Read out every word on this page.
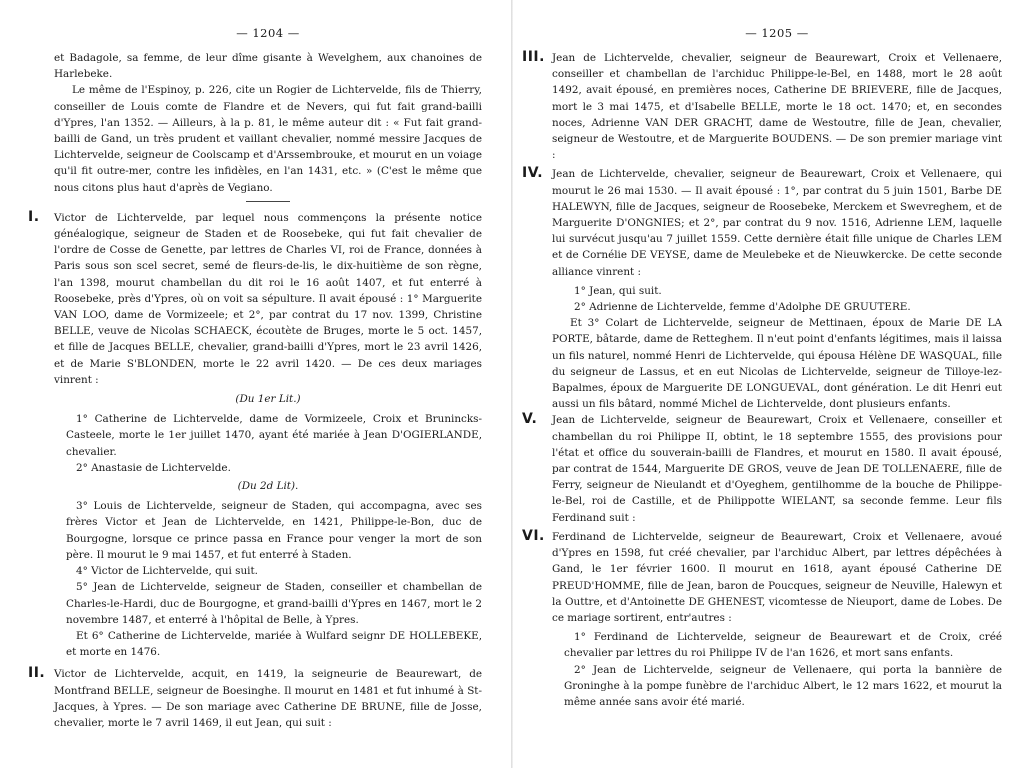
— 1204 —

et Badagole, sa femme, de leur dîme gisante à Wevelghem, aux chanoines de Harlebeke.

Le même de l'Espinoy, p. 226, cite un Rogier de Lichtervelde, fils de Thierry, conseiller de Louis comte de Flandre et de Nevers, qui fut fait grand-bailli d'Ypres, l'an 1352. — Ailleurs, à la p. 81, le même auteur dit : « Fut fait grand-bailli de Gand, un très prudent et vaillant chevalier, nommé messire Jacques de Lichtervelde, seigneur de Coolscamp et d'Arssembrouke, et mourut en un voiage qu'il fit outre-mer, contre les infidèles, en l'an 1431, etc. » (C'est le même que nous citons plus haut d'après de Vegiano.

I. Victor de Lichtervelde, par lequel nous commençons la présente notice généalogique, seigneur de Staden et de Roosebeke, qui fut fait chevalier de l'ordre de Cosse de Genette, par lettres de Charles VI, roi de France, données à Paris sous son scel secret, semé de fleurs-de-lis, le dix-huitième de son règne, l'an 1398, mourut chambellan du dit roi le 16 août 1407, et fut enterré à Roosebeke, près d'Ypres, où on voit sa sépulture. Il avait épousé : 1° Marguerite VAN LOO, dame de Vormizeele; et 2°, par contrat du 17 nov. 1399, Christine BELLE, veuve de Nicolas SCHAECK, écoutète de Bruges, morte le 5 oct. 1457, et fille de Jacques BELLE, chevalier, grand-bailli d'Ypres, mort le 23 avril 1426, et de Marie S'BLONDEN, morte le 22 avril 1420. — De ces deux mariages vinrent :

(Du 1er Lit.)

1° Catherine de Lichtervelde, dame de Vormizeele, Croix et Brunincks-Casteele, morte le 1er juillet 1470, ayant été mariée à Jean D'OGIERLANDE, chevalier.

2° Anastasie de Lichtervelde.

(Du 2d Lit).

3° Louis de Lichtervelde, seigneur de Staden, qui accompagna, avec ses frères Victor et Jean de Lichtervelde, en 1421, Philippe-le-Bon, duc de Bourgogne, lorsque ce prince passa en France pour venger la mort de son père. Il mourut le 9 mai 1457, et fut enterré à Staden.

4° Victor de Lichtervelde, qui suit.

5° Jean de Lichtervelde, seigneur de Staden, conseiller et chambellan de Charles-le-Hardi, duc de Bourgogne, et grand-bailli d'Ypres en 1467, mort le 2 novembre 1487, et enterré à l'hôpital de Belle, à Ypres.

Et 6° Catherine de Lichtervelde, mariée à Wulfard seignr DE HOLLEBEKE, et morte en 1476.

II. Victor de Lichtervelde, acquit, en 1419, la seigneurie de Beaurewart, de Montfrand BELLE, seigneur de Boesinghe. Il mourut en 1481 et fut inhumé à St-Jacques, à Ypres. — De son mariage avec Catherine DE BRUNE, fille de Josse, chevalier, morte le 7 avril 1469, il eut Jean, qui suit :

— 1205 —

III. Jean de Lichtervelde, chevalier, seigneur de Beaurewart, Croix et Vellenaere, conseiller et chambellan de l'archiduc Philippe-le-Bel, en 1488, mort le 28 août 1492, avait épousé, en premières noces, Catherine DE BRIEVERE, fille de Jacques, mort le 3 mai 1475, et d'Isabelle BELLE, morte le 18 oct. 1470; et, en secondes noces, Adrienne VAN DER GRACHT, dame de Westoutre, fille de Jean, chevalier, seigneur de Westoutre, et de Marguerite BOUDENS. — De son premier mariage vint :

IV. Jean de Lichtervelde, chevalier, seigneur de Beaurewart, Croix et Vellenaere, qui mourut le 26 mai 1530. — Il avait épousé : 1°, par contrat du 5 juin 1501, Barbe DE HALEWYN, fille de Jacques, seigneur de Roosebeke, Merckem et Swevreghem, et de Marguerite D'ONGNIES; et 2°, par contrat du 9 nov. 1516, Adrienne LEM, laquelle lui survécut jusqu'au 7 juillet 1559. Cette dernière était fille unique de Charles LEM et de Cornélie DE VEYSE, dame de Meulebeke et de Nieuwkercke. De cette seconde alliance vinrent :

1° Jean, qui suit.

2° Adrienne de Lichtervelde, femme d'Adolphe DE GRUUTERE.

Et 3° Colart de Lichtervelde, seigneur de Mettinaen, époux de Marie DE LA PORTE, bâtarde, dame de Retteghem. Il n'eut point d'enfants légitimes, mais il laissa un fils naturel, nommé Henri de Lichtervelde, qui épousa Hélène DE WASQUAL, fille du seigneur de Lassus, et en eut Nicolas de Lichtervelde, seigneur de Tilloye-lez-Bapalmes, époux de Marguerite DE LONGUEVAL, dont génération. Le dit Henri eut aussi un fils bâtard, nommé Michel de Lichtervelde, dont plusieurs enfants.

V. Jean de Lichtervelde, seigneur de Beaurewart, Croix et Vellenaere, conseiller et chambellan du roi Philippe II, obtint, le 18 septembre 1555, des provisions pour l'état et office du souverain-bailli de Flandres, et mourut en 1580. Il avait épousé, par contrat de 1544, Marguerite DE GROS, veuve de Jean DE TOLLENAERE, fille de Ferry, seigneur de Nieulandt et d'Oyeghem, gentilhomme de la bouche de Philippe-le-Bel, roi de Castille, et de Philippotte WIELANT, sa seconde femme. Leur fils Ferdinand suit :

VI. Ferdinand de Lichtervelde, seigneur de Beaurewart, Croix et Vellenaere, avoué d'Ypres en 1598, fut créé chevalier, par l'archiduc Albert, par lettres dépêchées à Gand, le 1er février 1600. Il mourut en 1618, ayant épousé Catherine DE PREUD'HOMME, fille de Jean, baron de Poucques, seigneur de Neuville, Halewyn et la Outtre, et d'Antoinette DE GHENEST, vicomtesse de Nieuport, dame de Lobes. De ce mariage sortirent, entr'autres :

1° Ferdinand de Lichtervelde, seigneur de Beaurewart et de Croix, créé chevalier par lettres du roi Philippe IV de l'an 1626, et mort sans enfants.

2° Jean de Lichtervelde, seigneur de Vellenaere, qui porta la bannière de Groninghe à la pompe funèbre de l'archiduc Albert, le 12 mars 1622, et mourut la même année sans avoir été marié.
